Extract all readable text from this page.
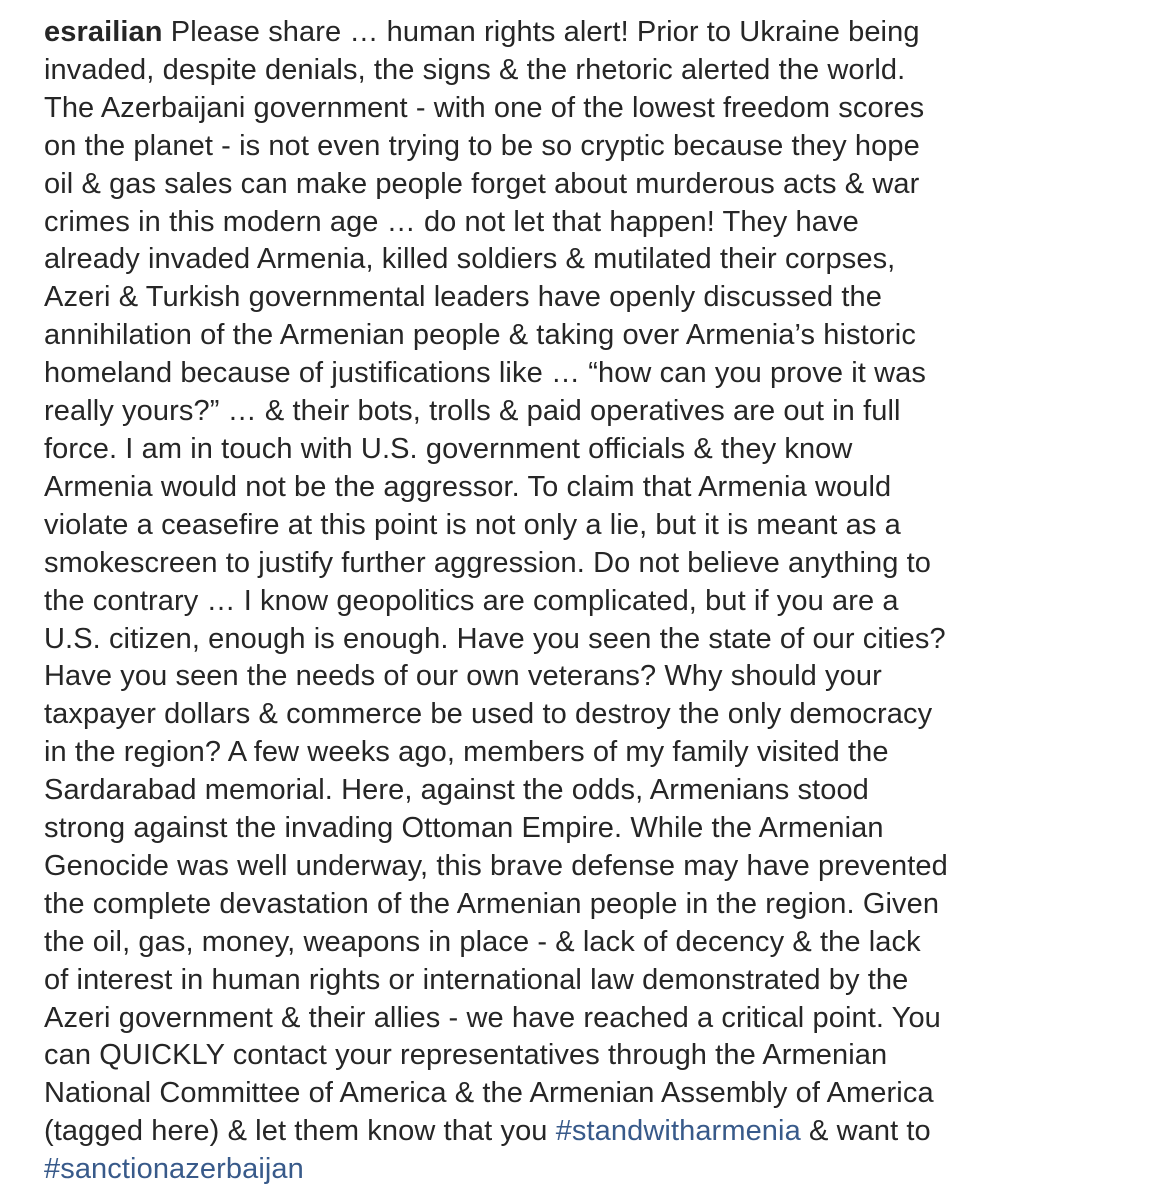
esrailian Please share … human rights alert! Prior to Ukraine being
invaded, despite denials, the signs & the rhetoric alerted the world.
The Azerbaijani government - with one of the lowest freedom scores
on the planet - is not even trying to be so cryptic because they hope
oil & gas sales can make people forget about murderous acts & war
crimes in this modern age … do not let that happen! They have
already invaded Armenia, killed soldiers & mutilated their corpses,
Azeri & Turkish governmental leaders have openly discussed the
annihilation of the Armenian people & taking over Armenia’s historic
homeland because of justifications like … “how can you prove it was
really yours?” … & their bots, trolls & paid operatives are out in full
force. I am in touch with U.S. government officials & they know
Armenia would not be the aggressor. To claim that Armenia would
violate a ceasefire at this point is not only a lie, but it is meant as a
smokescreen to justify further aggression. Do not believe anything to
the contrary … I know geopolitics are complicated, but if you are a
U.S. citizen, enough is enough. Have you seen the state of our cities?
Have you seen the needs of our own veterans? Why should your
taxpayer dollars & commerce be used to destroy the only democracy
in the region? A few weeks ago, members of my family visited the
Sardarabad memorial. Here, against the odds, Armenians stood
strong against the invading Ottoman Empire. While the Armenian
Genocide was well underway, this brave defense may have prevented
the complete devastation of the Armenian people in the region. Given
the oil, gas, money, weapons in place - & lack of decency & the lack
of interest in human rights or international law demonstrated by the
Azeri government & their allies - we have reached a critical point. You
can QUICKLY contact your representatives through the Armenian
National Committee of America & the Armenian Assembly of America
(tagged here) & let them know that you #standwitharmenia & want to
#sanctionazerbaijan
